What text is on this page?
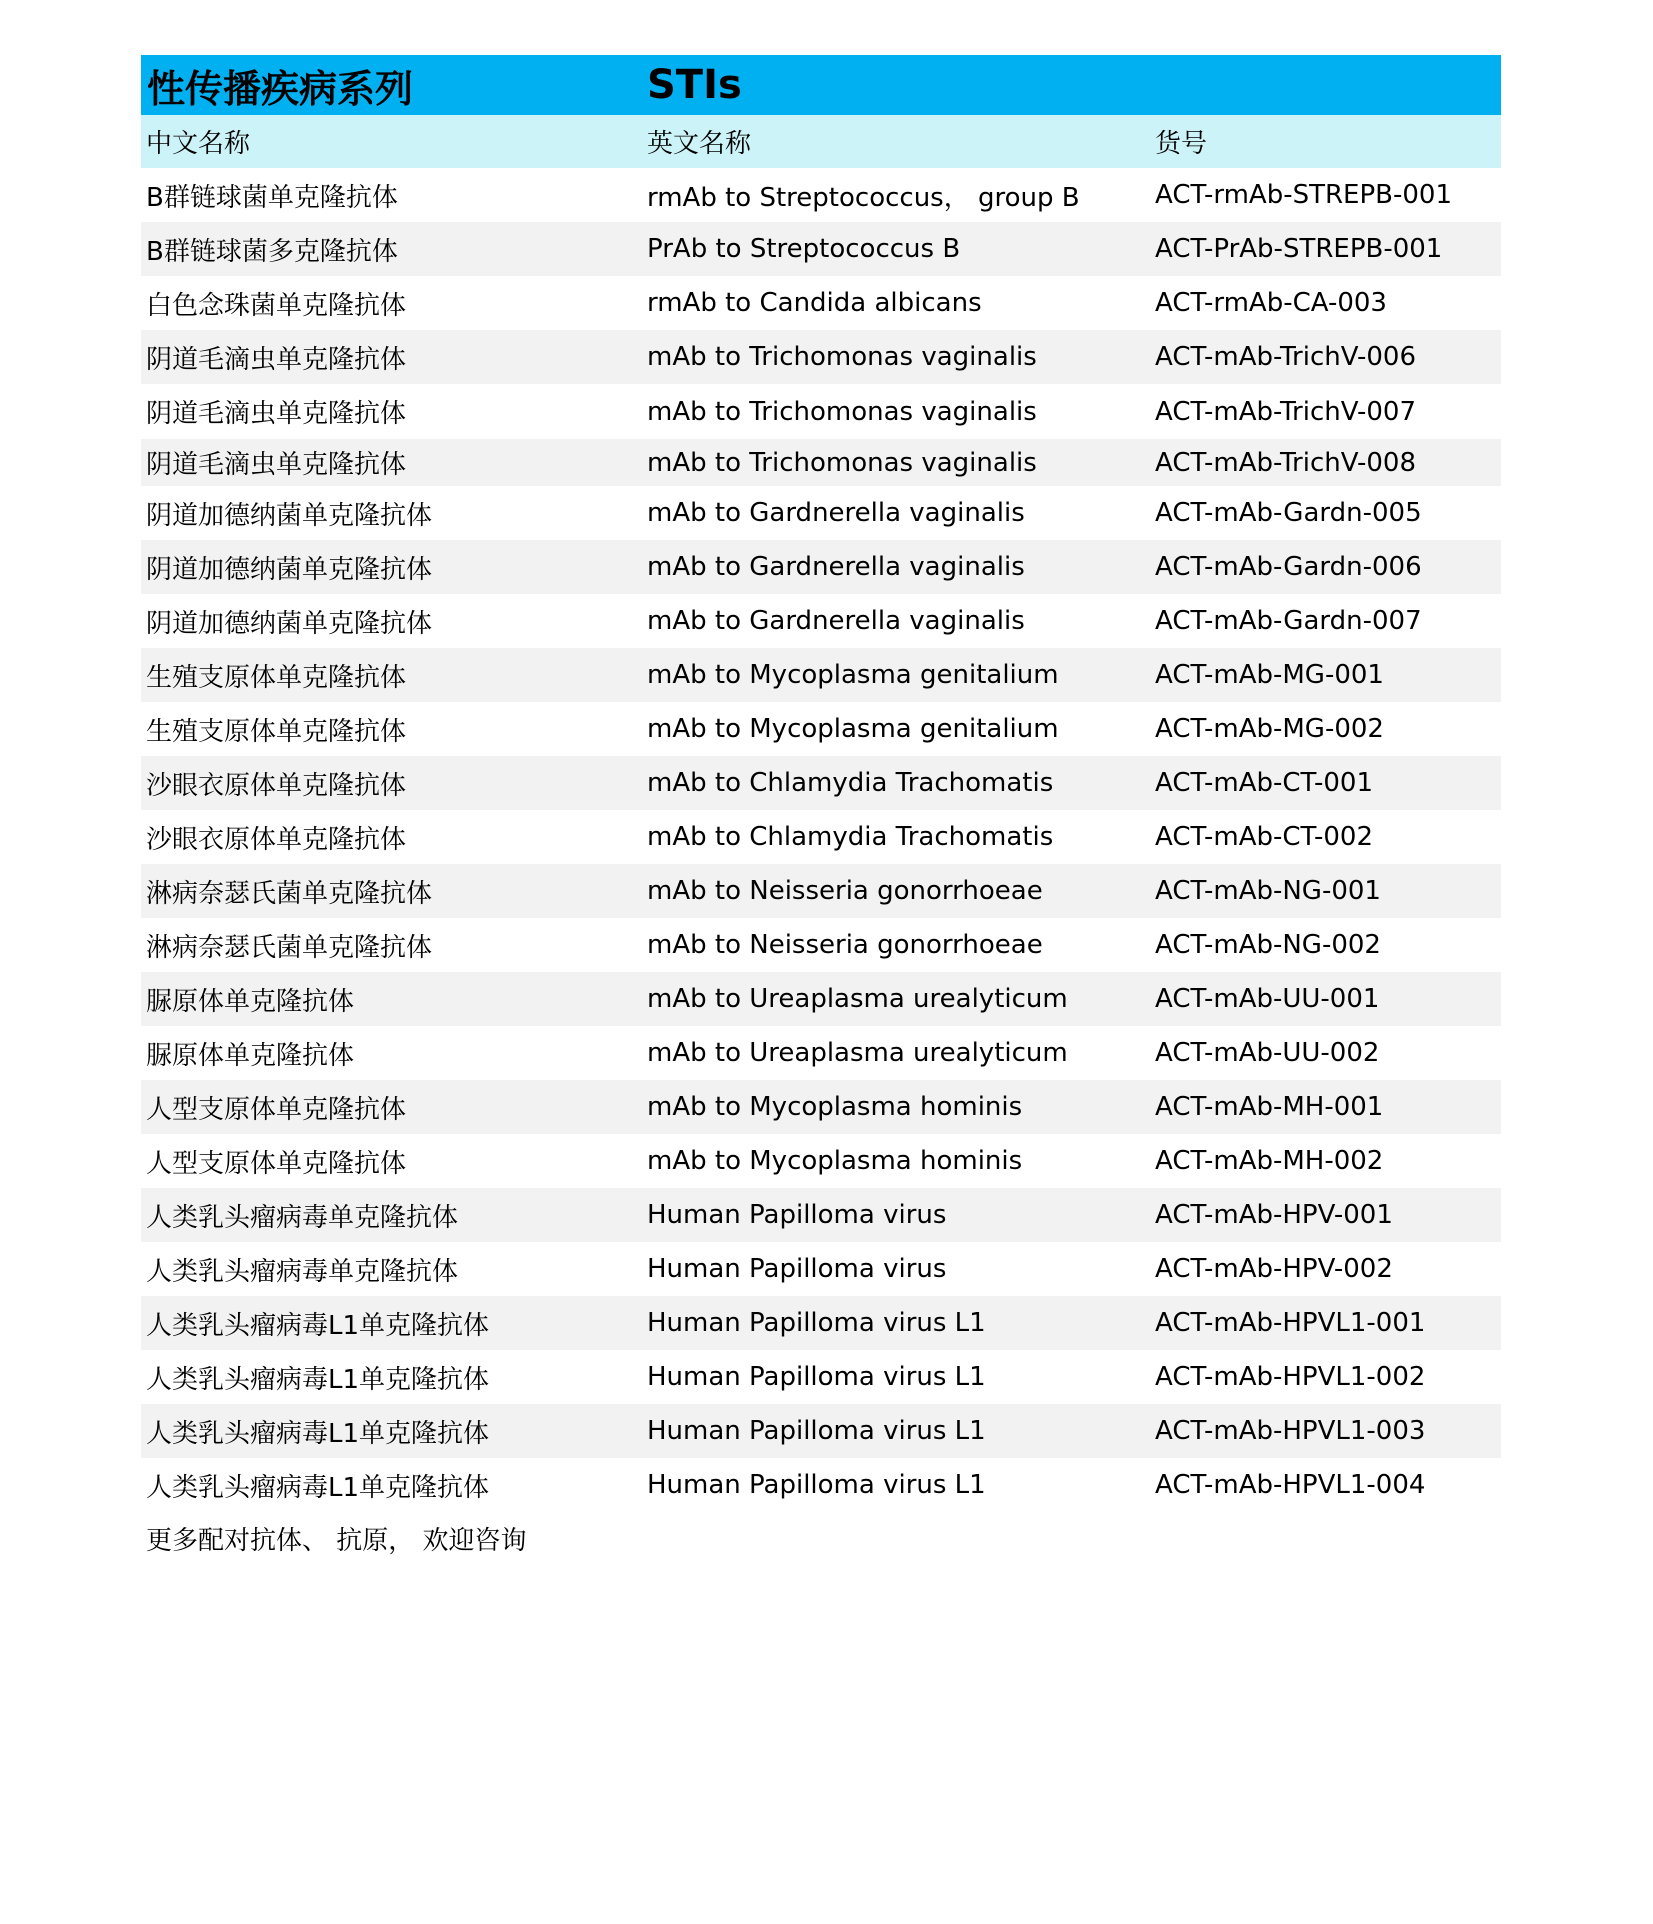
性传播疾病系列	STIs
中文名称	英文名称	货号
B群链球菌单克隆抗体	rmAb to Streptococcus， group B	ACT-rmAb-STREPB-001
B群链球菌多克隆抗体	PrAb to Streptococcus B	ACT-PrAb-STREPB-001
白色念珠菌单克隆抗体	rmAb to Candida albicans	ACT-rmAb-CA-003
阴道毛滴虫单克隆抗体	mAb to Trichomonas vaginalis	ACT-mAb-TrichV-006
阴道毛滴虫单克隆抗体	mAb to Trichomonas vaginalis	ACT-mAb-TrichV-007
阴道毛滴虫单克隆抗体	mAb to Trichomonas vaginalis	ACT-mAb-TrichV-008
阴道加德纳菌单克隆抗体	mAb to Gardnerella vaginalis	ACT-mAb-Gardn-005
阴道加德纳菌单克隆抗体	mAb to Gardnerella vaginalis	ACT-mAb-Gardn-006
阴道加德纳菌单克隆抗体	mAb to Gardnerella vaginalis	ACT-mAb-Gardn-007
生殖支原体单克隆抗体	mAb to Mycoplasma genitalium	ACT-mAb-MG-001
生殖支原体单克隆抗体	mAb to Mycoplasma genitalium	ACT-mAb-MG-002
沙眼衣原体单克隆抗体	mAb to Chlamydia Trachomatis	ACT-mAb-CT-001
沙眼衣原体单克隆抗体	mAb to Chlamydia Trachomatis	ACT-mAb-CT-002
淋病奈瑟氏菌单克隆抗体	mAb to Neisseria gonorrhoeae	ACT-mAb-NG-001
淋病奈瑟氏菌单克隆抗体	mAb to Neisseria gonorrhoeae	ACT-mAb-NG-002
脲原体单克隆抗体	mAb to Ureaplasma urealyticum	ACT-mAb-UU-001
脲原体单克隆抗体	mAb to Ureaplasma urealyticum	ACT-mAb-UU-002
人型支原体单克隆抗体	mAb to Mycoplasma hominis	ACT-mAb-MH-001
人型支原体单克隆抗体	mAb to Mycoplasma hominis	ACT-mAb-MH-002
人类乳头瘤病毒单克隆抗体	Human Papilloma virus	ACT-mAb-HPV-001
人类乳头瘤病毒单克隆抗体	Human Papilloma virus	ACT-mAb-HPV-002
人类乳头瘤病毒L1单克隆抗体	Human Papilloma virus L1	ACT-mAb-HPVL1-001
人类乳头瘤病毒L1单克隆抗体	Human Papilloma virus L1	ACT-mAb-HPVL1-002
人类乳头瘤病毒L1单克隆抗体	Human Papilloma virus L1	ACT-mAb-HPVL1-003
人类乳头瘤病毒L1单克隆抗体	Human Papilloma virus L1	ACT-mAb-HPVL1-004
更多配对抗体、 抗原， 欢迎咨询
